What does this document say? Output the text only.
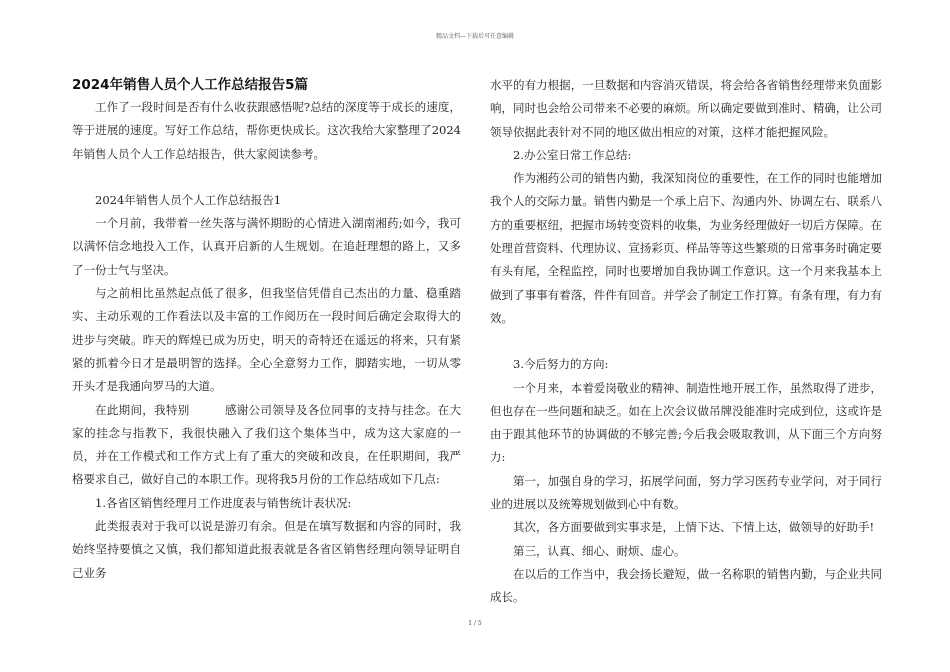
精品文档---下载后可任意编辑
2024年销售人员个人工作总结报告5篇

工作了一段时间是否有什么收获跟感悟呢?总结的深度等于成长的速度，等于进展的速度。写好工作总结，帮你更快成长。这次我给大家整理了2024年销售人员个人工作总结报告，供大家阅读参考。

2024年销售人员个人工作总结报告1

一个月前，我带着一丝失落与满怀期盼的心情进入湖南湘药;如今，我可以满怀信念地投入工作，认真开启新的人生规划。在追赶理想的路上，又多了一份士气与坚决。

与之前相比虽然起点低了很多，但我坚信凭借自己杰出的力量、稳重踏实、主动乐观的工作看法以及丰富的工作阅历在一段时间后确定会取得大的进步与突破。昨天的辉煌已成为历史，明天的奇特还在遥远的将来，只有紧紧的抓着今日才是最明智的选择。全心全意努力工作，脚踏实地，一切从零开头才是我通向罗马的大道。

在此期间，我特别　　　感谢公司领导及各位同事的支持与挂念。在大家的挂念与指教下，我很快融入了我们这个集体当中，成为这大家庭的一员，并在工作模式和工作方式上有了重大的突破和改良，在任职期间，我严格要求自己，做好自己的本职工作。现将我5月份的工作总结成如下几点:

1.各省区销售经理月工作进度表与销售统计表状况:

此类报表对于我可以说是游刃有余。但是在填写数据和内容的同时，我始终坚持要慎之又慎，我们都知道此报表就是各省区销售经理向领导证明自己业务

水平的有力根据，一旦数据和内容消灭错误，将会给各省销售经理带来负面影响，同时也会给公司带来不必要的麻烦。所以确定要做到准时、精确，让公司领导依据此表针对不同的地区做出相应的对策，这样才能把握风险。

2.办公室日常工作总结:

作为湘药公司的销售内勤，我深知岗位的重要性，在工作的同时也能增加我个人的交际力量。销售内勤是一个承上启下、沟通内外、协调左右、联系八方的重要枢纽，把握市场转变资料的收集，为业务经理做好一切后方保障。在处理首营资料、代理协议、宣扬彩页、样品等等这些繁琐的日常事务时确定要有头有尾，全程监控，同时也要增加自我协调工作意识。这一个月来我基本上做到了事事有着落，件件有回音。并学会了制定工作打算。有条有理，有力有效。

3.今后努力的方向:

一个月来，本着爱岗敬业的精神、制造性地开展工作，虽然取得了进步，但也存在一些问题和缺乏。如在上次会议做吊牌没能准时完成到位，这或许是由于跟其他环节的协调做的不够完善;今后我会吸取教训，从下面三个方向努力:

第一，加强自身的学习，拓展学问面，努力学习医药专业学问，对于同行业的进展以及统筹规划做到心中有数。

其次，各方面要做到实事求是，上情下达、下情上达，做领导的好助手!

第三，认真、细心、耐烦、虚心。

在以后的工作当中，我会扬长避短，做一名称职的销售内勤，与企业共同成长。

1 / 5
